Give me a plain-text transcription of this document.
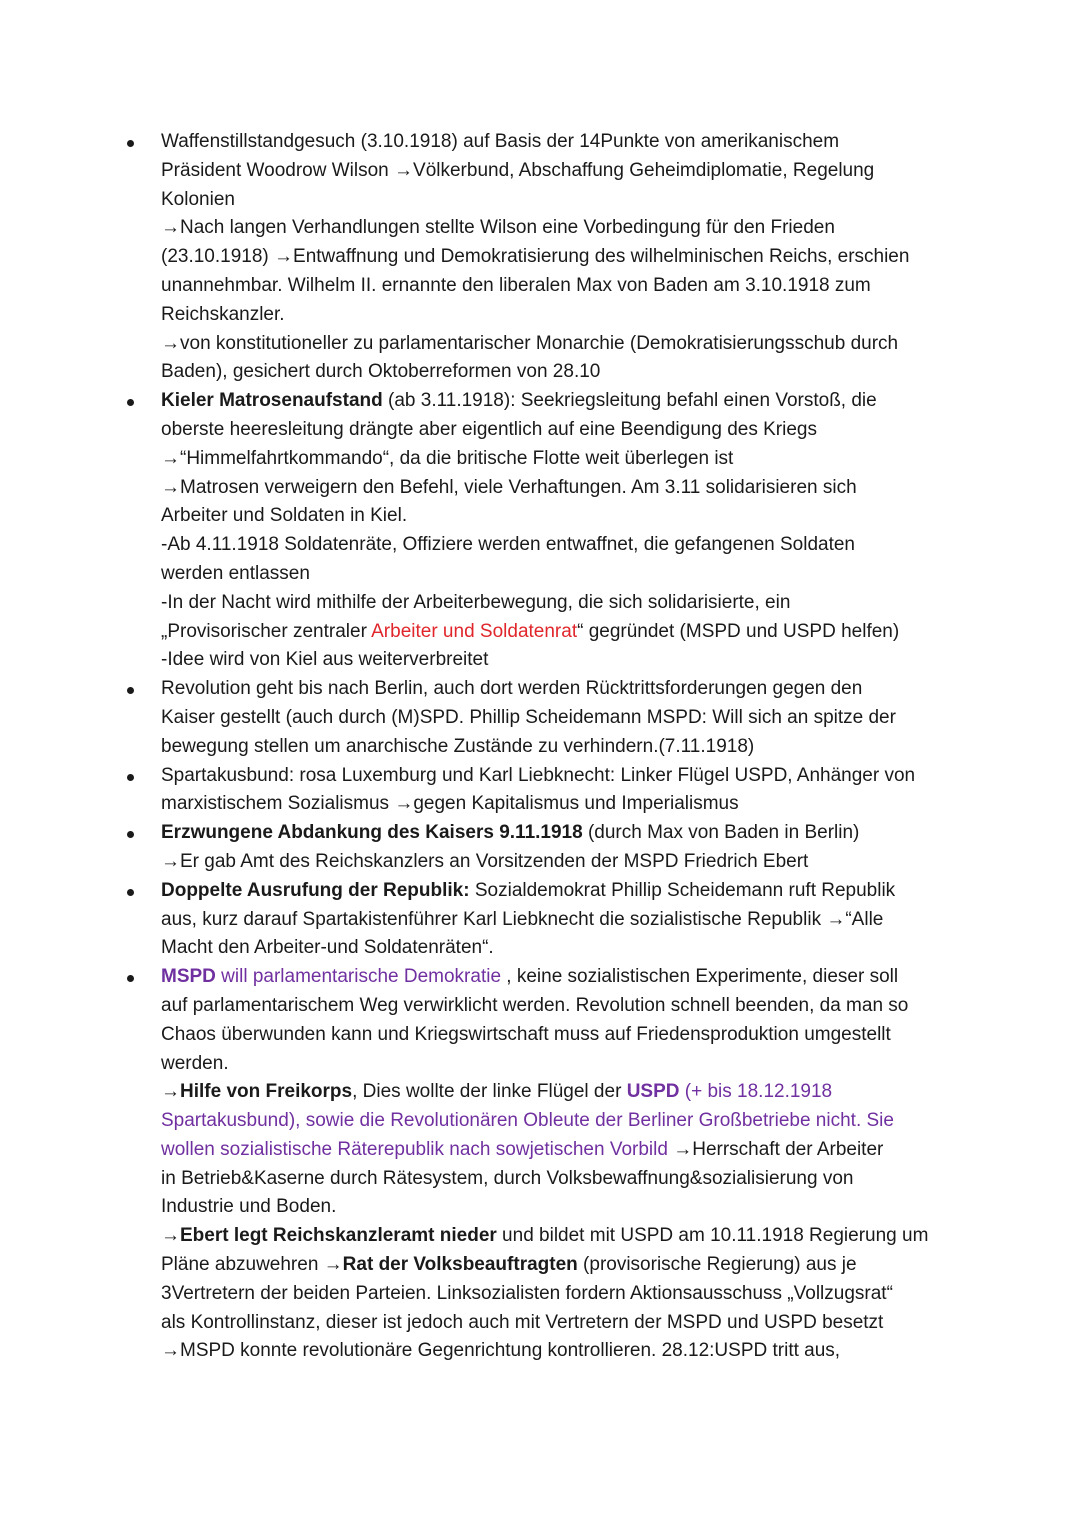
Waffenstillstandgesuch (3.10.1918) auf Basis der 14Punkte von amerikanischem
Präsident Woodrow Wilson →Völkerbund, Abschaffung Geheimdiplomatie, Regelung
Kolonien
→Nach langen Verhandlungen stellte Wilson eine Vorbedingung für den Frieden
(23.10.1918) →Entwaffnung und Demokratisierung des wilhelminischen Reichs, erschien
unannehmbar. Wilhelm II. ernannte den liberalen Max von Baden am 3.10.1918 zum
Reichskanzler.
→von konstitutioneller zu parlamentarischer Monarchie (Demokratisierungsschub durch
Baden), gesichert durch Oktoberreformen von 28.10
Kieler Matrosenaufstand (ab 3.11.1918): Seekriegsleitung befahl einen Vorstoß, die
oberste heeresleitung drängte aber eigentlich auf eine Beendigung des Kriegs
→“Himmelfahrtkommando“, da die britische Flotte weit überlegen ist
→Matrosen verweigern den Befehl, viele Verhaftungen. Am 3.11 solidarisieren sich
Arbeiter und Soldaten in Kiel.
-Ab 4.11.1918 Soldatenräte, Offiziere werden entwaffnet, die gefangenen Soldaten
werden entlassen
-In der Nacht wird mithilfe der Arbeiterbewegung, die sich solidarisierte, ein
„Provisorischer zentraler Arbeiter und Soldatenrat“ gegründet (MSPD und USPD helfen)
-Idee wird von Kiel aus weiterverbreitet
Revolution geht bis nach Berlin, auch dort werden Rücktrittsforderungen gegen den
Kaiser gestellt (auch durch (M)SPD. Phillip Scheidemann MSPD: Will sich an spitze der
bewegung stellen um anarchische Zustände zu verhindern.(7.11.1918)
Spartakusbund: rosa Luxemburg und Karl Liebknecht: Linker Flügel USPD, Anhänger von
marxistischem Sozialismus →gegen Kapitalismus und Imperialismus
Erzwungene Abdankung des Kaisers 9.11.1918 (durch Max von Baden in Berlin)
→Er gab Amt des Reichskanzlers an Vorsitzenden der MSPD Friedrich Ebert
Doppelte Ausrufung der Republik: Sozialdemokrat Phillip Scheidemann ruft Republik
aus, kurz darauf Spartakistenführer Karl Liebknecht die sozialistische Republik →“Alle
Macht den Arbeiter-und Soldatenräten“.
MSPD will parlamentarische Demokratie , keine sozialistischen Experimente, dieser soll
auf parlamentarischem Weg verwirklicht werden. Revolution schnell beenden, da man so
Chaos überwunden kann und Kriegswirtschaft muss auf Friedensproduktion umgestellt
werden.
→Hilfe von Freikorps, Dies wollte der linke Flügel der USPD (+ bis 18.12.1918
Spartakusbund), sowie die Revolutionären Obleute der Berliner Großbetriebe nicht. Sie
wollen sozialistische Räterepublik nach sowjetischen Vorbild →Herrschaft der Arbeiter
in Betrieb&Kaserne durch Rätesystem, durch Volksbewaffnung&sozialisierung von
Industrie und Boden.
→Ebert legt Reichskanzleramt nieder und bildet mit USPD am 10.11.1918 Regierung um
Pläne abzuwehren →Rat der Volksbeauftragten (provisorische Regierung) aus je
3Vertretern der beiden Parteien. Linksozialisten fordern Aktionsausschuss „Vollzugsrat“
als Kontrollinstanz, dieser ist jedoch auch mit Vertretern der MSPD und USPD besetzt
→MSPD konnte revolutionäre Gegenrichtung kontrollieren. 28.12:USPD tritt aus,
